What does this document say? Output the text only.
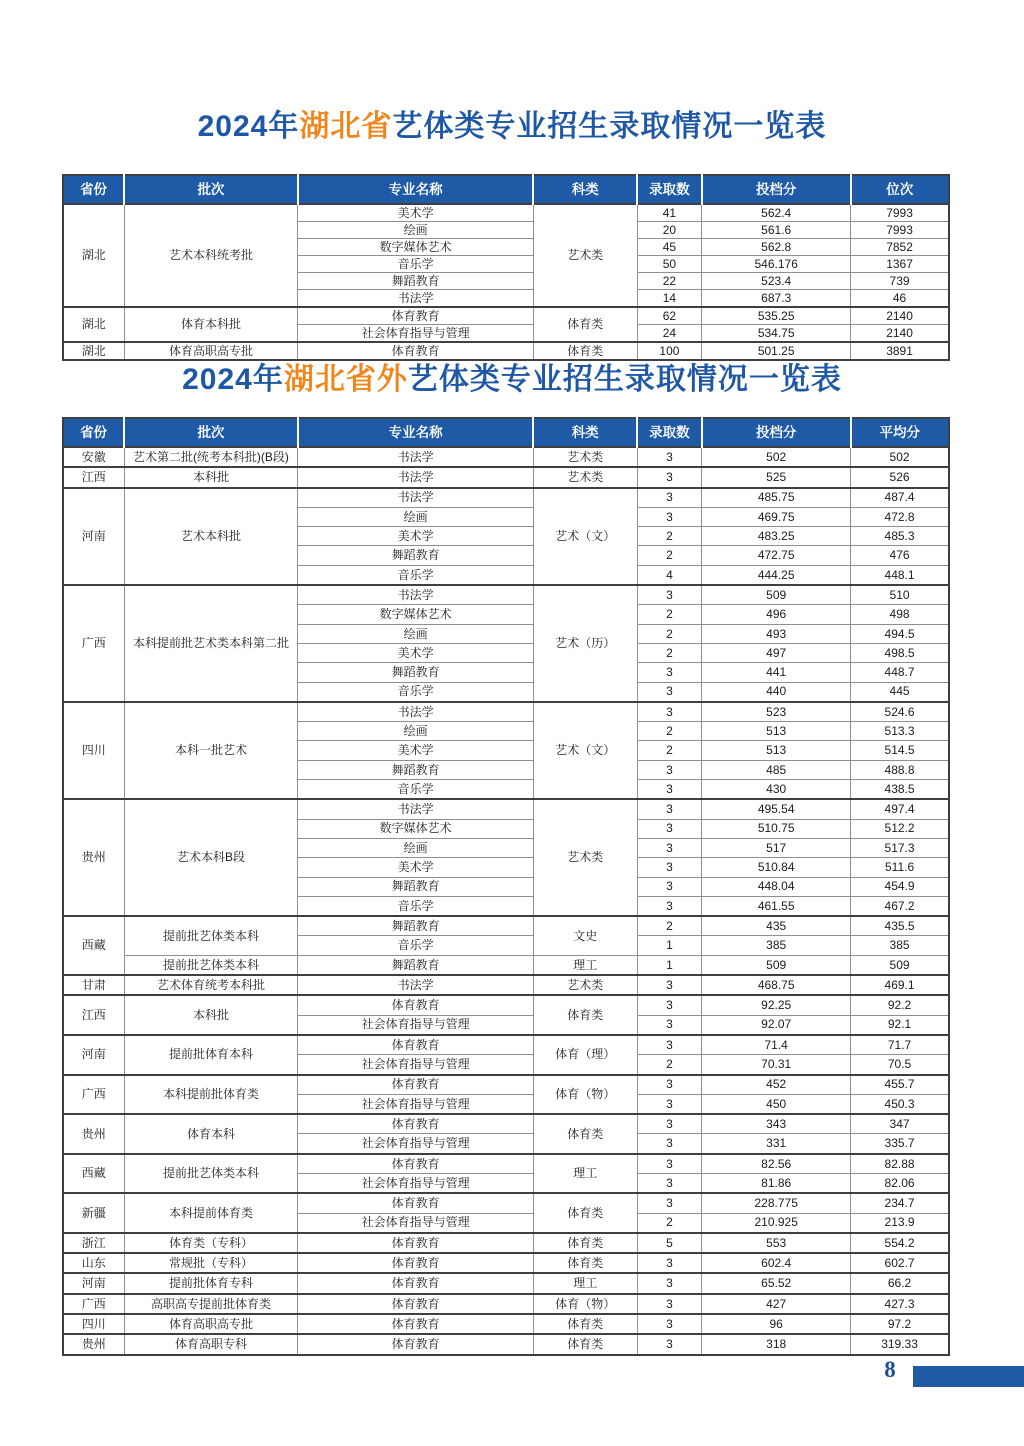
2024年湖北省艺体类专业招生录取情况一览表
省份	批次	专业名称	科类	录取数	投档分	位次
湖北	艺术本科统考批	美术学	艺术类	41	562.4	7993
		绘画		20	561.6	7993
		数字媒体艺术		45	562.8	7852
		音乐学		50	546.176	1367
		舞蹈教育		22	523.4	739
		书法学		14	687.3	46
湖北	体育本科批	体育教育	体育类	62	535.25	2140
		社会体育指导与管理		24	534.75	2140
湖北	体育高职高专批	体育教育	体育类	100	501.25	3891
2024年湖北省外艺体类专业招生录取情况一览表
省份	批次	专业名称	科类	录取数	投档分	平均分
安徽	艺术第二批(统考本科批)(B段)	书法学	艺术类	3	502	502
江西	本科批	书法学	艺术类	3	525	526
河南	艺术本科批	书法学	艺术（文）	3	485.75	487.4
		绘画		3	469.75	472.8
		美术学		2	483.25	485.3
		舞蹈教育		2	472.75	476
		音乐学		4	444.25	448.1
广西	本科提前批艺术类本科第二批	书法学	艺术（历）	3	509	510
		数字媒体艺术		2	496	498
		绘画		2	493	494.5
		美术学		2	497	498.5
		舞蹈教育		3	441	448.7
		音乐学		3	440	445
四川	本科一批艺术	书法学	艺术（文）	3	523	524.6
		绘画		2	513	513.3
		美术学		2	513	514.5
		舞蹈教育		3	485	488.8
		音乐学		3	430	438.5
贵州	艺术本科B段	书法学	艺术类	3	495.54	497.4
		数字媒体艺术		3	510.75	512.2
		绘画		3	517	517.3
		美术学		3	510.84	511.6
		舞蹈教育		3	448.04	454.9
		音乐学		3	461.55	467.2
西藏	提前批艺体类本科	舞蹈教育	文史	2	435	435.5
		音乐学		1	385	385
	提前批艺体类本科	舞蹈教育	理工	1	509	509
甘肃	艺术体育统考本科批	书法学	艺术类	3	468.75	469.1
江西	本科批	体育教育	体育类	3	92.25	92.2
		社会体育指导与管理		3	92.07	92.1
河南	提前批体育本科	体育教育	体育（理）	3	71.4	71.7
		社会体育指导与管理		2	70.31	70.5
广西	本科提前批体育类	体育教育	体育（物）	3	452	455.7
		社会体育指导与管理		3	450	450.3
贵州	体育本科	体育教育	体育类	3	343	347
		社会体育指导与管理		3	331	335.7
西藏	提前批艺体类本科	体育教育	理工	3	82.56	82.88
		社会体育指导与管理		3	81.86	82.06
新疆	本科提前体育类	体育教育	体育类	3	228.775	234.7
		社会体育指导与管理		2	210.925	213.9
浙江	体育类（专科）	体育教育	体育类	5	553	554.2
山东	常规批（专科）	体育教育	体育类	3	602.4	602.7
河南	提前批体育专科	体育教育	理工	3	65.52	66.2
广西	高职高专提前批体育类	体育教育	体育（物）	3	427	427.3
四川	体育高职高专批	体育教育	体育类	3	96	97.2
贵州	体育高职专科	体育教育	体育类	3	318	319.33
8
